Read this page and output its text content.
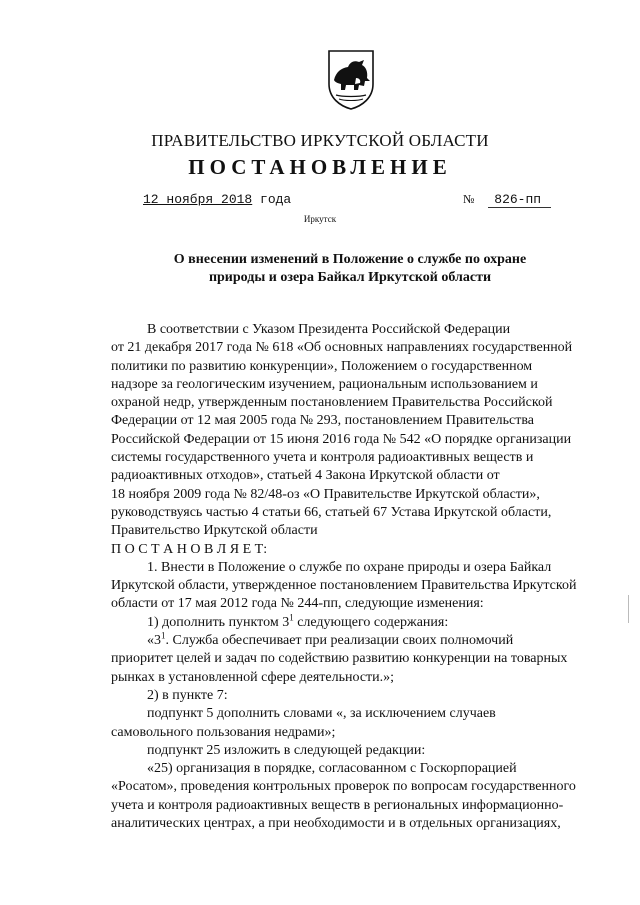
ПРАВИТЕЛЬСТВО ИРКУТСКОЙ ОБЛАСТИ
ПОСТАНОВЛЕНИЕ
12 ноября 2018 года	№ 826-пп
Иркутск
О внесении изменений в Положение о службе по охране
природы и озера Байкал Иркутской области

В соответствии с Указом Президента Российской Федерации

от 21 декабря 2017 года № 618 «Об основных направлениях государственной

политики по развитию конкуренции», Положением о государственном

надзоре за геологическим изучением, рациональным использованием и

охраной недр, утвержденным постановлением Правительства Российской

Федерации от 12 мая 2005 года № 293, постановлением Правительства

Российской Федерации от 15 июня 2016 года № 542 «О порядке организации

системы государственного учета и контроля радиоактивных веществ и

радиоактивных отходов», статьей 4 Закона Иркутской области от

18 ноября 2009 года № 82/48-оз «О Правительстве Иркутской области»,

руководствуясь частью 4 статьи 66, статьей 67 Устава Иркутской области,

Правительство Иркутской области

П О С Т А Н О В Л Я Е Т:

1. Внести в Положение о службе по охране природы и озера Байкал

Иркутской области, утвержденное постановлением Правительства Иркутской

области от 17 мая 2012 года № 244-пп, следующие изменения:

1) дополнить пунктом $3^1$ следующего содержания:

«$3^1$. Служба обеспечивает при реализации своих полномочий

приоритет целей и задач по содействию развитию конкуренции на товарных

рынках в установленной сфере деятельности.»;

2) в пункте 7:

подпункт 5 дополнить словами «, за исключением случаев

самовольного пользования недрами»;

подпункт 25 изложить в следующей редакции:

«25) организация в порядке, согласованном с Госкорпорацией

«Росатом», проведения контрольных проверок по вопросам государственного

учета и контроля радиоактивных веществ в региональных информационно-

аналитических центрах, а при необходимости и в отдельных организациях,
